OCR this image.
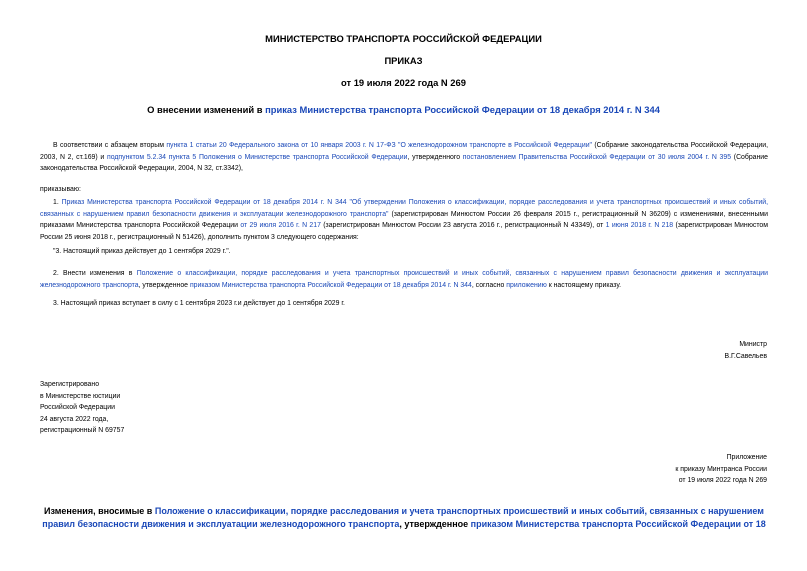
МИНИСТЕРСТВО ТРАНСПОРТА РОССИЙСКОЙ ФЕДЕРАЦИИ
ПРИКАЗ
от 19 июля 2022 года N 269
О внесении изменений в приказ Министерства транспорта Российской Федерации от 18 декабря 2014 г. N 344
В соответствии с абзацем вторым пункта 1 статьи 20 Федерального закона от 10 января 2003 г. N 17-ФЗ "О железнодорожном транспорте в Российской Федерации" (Собрание законодательства Российской Федерации, 2003, N 2, ст.169) и подпунктом 5.2.34 пункта 5 Положения о Министерстве транспорта Российской Федерации, утвержденного постановлением Правительства Российской Федерации от 30 июля 2004 г. N 395 (Собрание законодательства Российской Федерации, 2004, N 32, ст.3342),
приказываю:
1. Приказ Министерства транспорта Российской Федерации от 18 декабря 2014 г. N 344 "Об утверждении Положения о классификации, порядке расследования и учета транспортных происшествий и иных событий, связанных с нарушением правил безопасности движения и эксплуатации железнодорожного транспорта" (зарегистрирован Минюстом России 26 февраля 2015 г., регистрационный N 36209) с изменениями, внесенными приказами Министерства транспорта Российской Федерации от 29 июля 2016 г. N 217 (зарегистрирован Минюстом России 23 августа 2016 г., регистрационный N 43349), от 1 июня 2018 г. N 218 (зарегистрирован Минюстом России 25 июня 2018 г., регистрационный N 51426), дополнить пунктом 3 следующего содержания:
"3. Настоящий приказ действует до 1 сентября 2029 г.".
2. Внести изменения в Положение о классификации, порядке расследования и учета транспортных происшествий и иных событий, связанных с нарушением правил безопасности движения и эксплуатации железнодорожного транспорта, утвержденное приказом Министерства транспорта Российской Федерации от 18 декабря 2014 г. N 344, согласно приложению к настоящему приказу.
3. Настоящий приказ вступает в силу с 1 сентября 2023 г.и действует до 1 сентября 2029 г.
Министр
В.Г.Савельев
Зарегистрировано
в Министерстве юстиции
Российской Федерации
24 августа 2022 года,
регистрационный N 69757
Приложение
к приказу Минтранса России
от 19 июля 2022 года N 269
Изменения, вносимые в Положение о классификации, порядке расследования и учета транспортных происшествий и иных событий, связанных с нарушением правил безопасности движения и эксплуатации железнодорожного транспорта, утвержденное приказом Министерства транспорта Российской Федерации от 18
